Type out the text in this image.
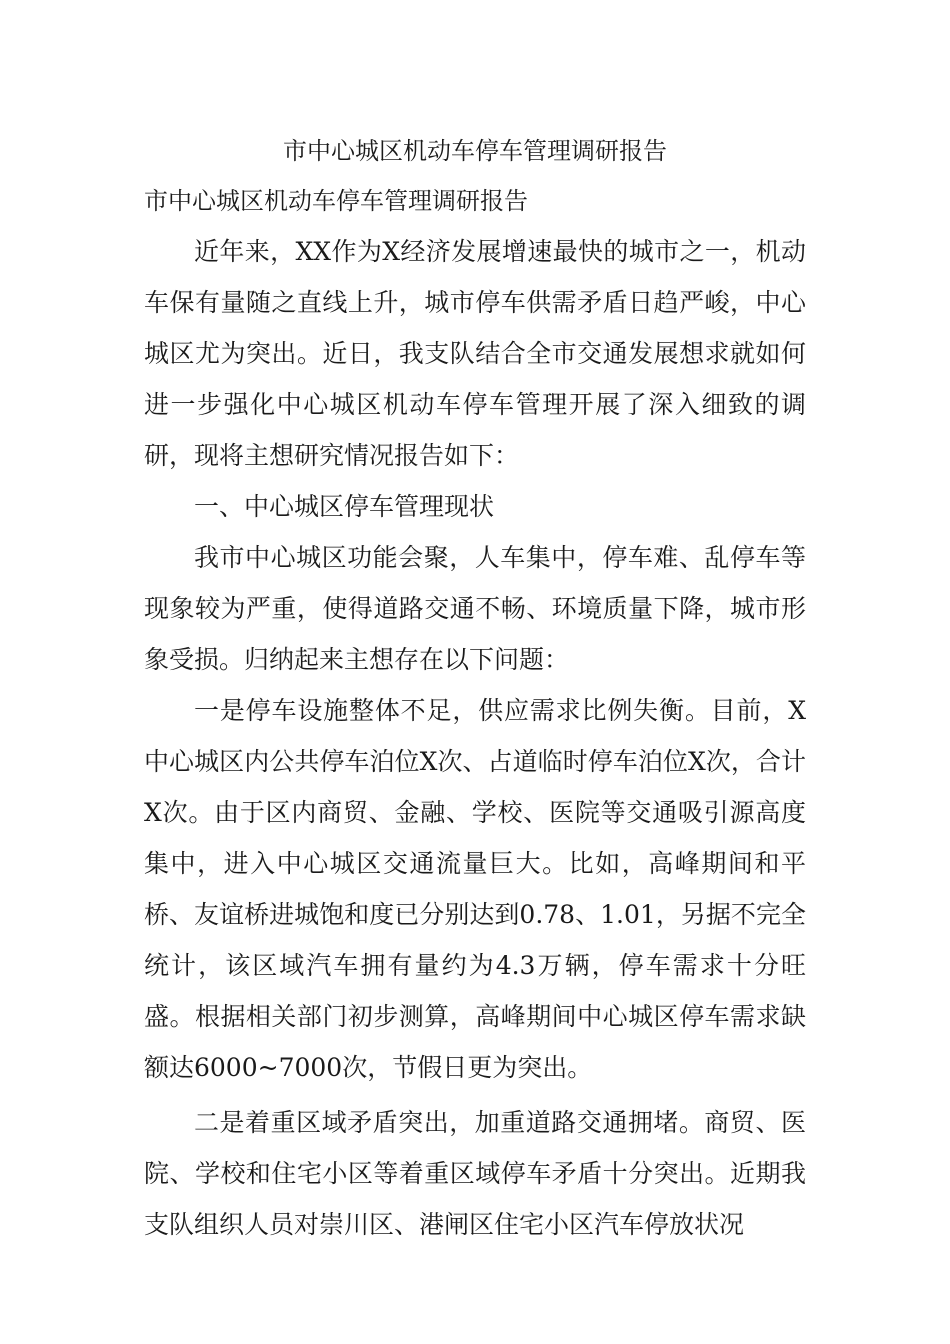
市中心城区机动车停车管理调研报告

市中心城区机动车停车管理调研报告

近年来，XX作为X经济发展增速最快的城市之一，机动车保有量随之直线上升，城市停车供需矛盾日趋严峻，中心城区尤为突出。近日，我支队结合全市交通发展想求就如何进一步强化中心城区机动车停车管理开展了深入细致的调研，现将主想研究情况报告如下：

一、中心城区停车管理现状

我市中心城区功能会聚，人车集中，停车难、乱停车等现象较为严重，使得道路交通不畅、环境质量下降，城市形象受损。归纳起来主想存在以下问题：

一是停车设施整体不足，供应需求比例失衡。目前，X中心城区内公共停车泊位X次、占道临时停车泊位X次，合计X次。由于区内商贸、金融、学校、医院等交通吸引源高度集中，进入中心城区交通流量巨大。比如，高峰期间和平桥、友谊桥进城饱和度已分别达到0.78、1.01，另据不完全统计，该区域汽车拥有量约为4.3万辆，停车需求十分旺盛。根据相关部门初步测算，高峰期间中心城区停车需求缺额达6000~7000次，节假日更为突出。

二是着重区域矛盾突出，加重道路交通拥堵。商贸、医院、学校和住宅小区等着重区域停车矛盾十分突出。近期我支队组织人员对崇川区、港闸区住宅小区汽车停放状况
